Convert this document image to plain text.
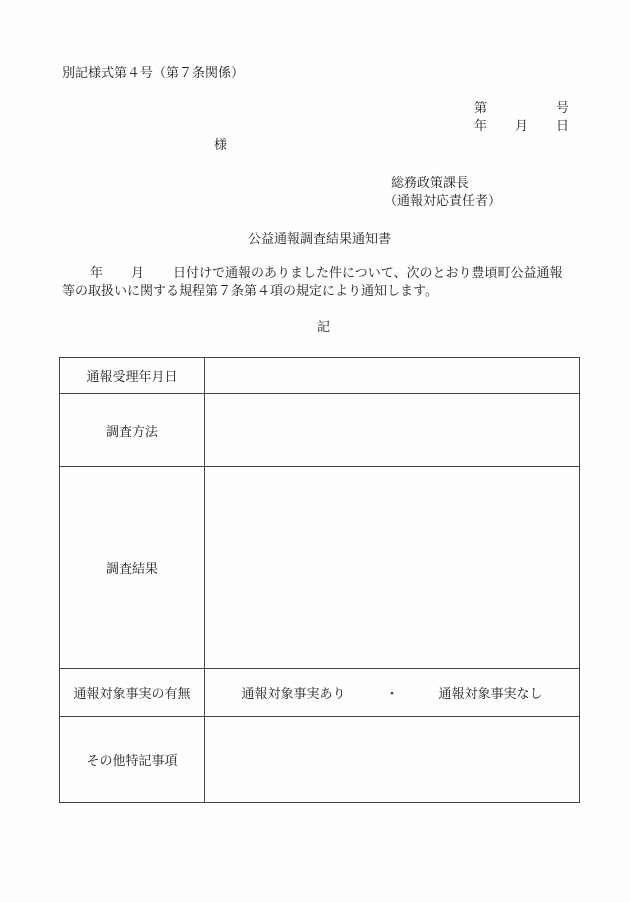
別記様式第４号（第７条関係）
第	号
年 月 日
様
総務政策課長
（通報対応責任者）
公益通報調査結果通知書
年 月 日付けで通報のありました件について、次のとおり豊頃町公益通報
等の取扱いに関する規程第７条第４項の規定により通知します。
記
通報受理年月日	
調査方法	
調査結果	
通報対象事実の有無	通報対象事実あり ・ 通報対象事実なし

その他特記事項	
